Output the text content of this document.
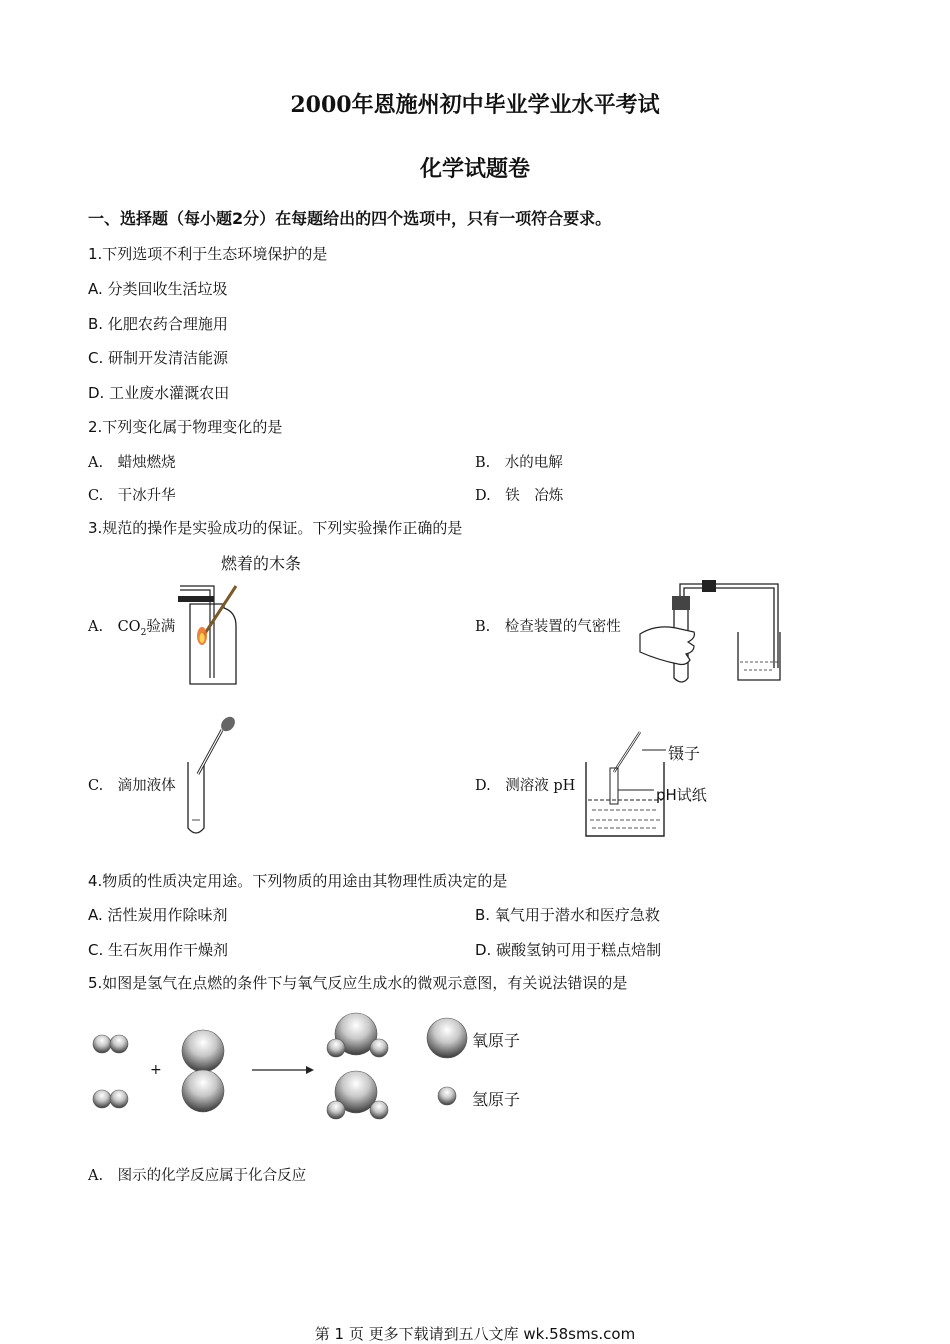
2000年恩施州初中毕业学业水平考试
化学试题卷
一、选择题（每小题2分）在每题给出的四个选项中，只有一项符合要求。
1.下列选项不利于生态环境保护的是
A. 分类回收生活垃圾
B. 化肥农药合理施用
C. 研制开发清洁能源
D. 工业废水灌溉农田
2.下列变化属于物理变化的是
A.　蜡烛燃烧	B.　水的电解
C.　干冰升华	D.　铁　冶炼
3.规范的操作是实验成功的保证。下列实验操作正确的是
燃着的木条
A.　$CO_2$验满	B.　检查装置的气密性
C.　滴加液体	D.　测溶液 pH
镊子
pH试纸
4.物质的性质决定用途。下列物质的用途由其物理性质决定的是
A. 活性炭用作除味剂	B. 氧气用于潜水和医疗急救
C. 生石灰用作干燥剂	D. 碳酸氢钠可用于糕点焙制
5.如图是氢气在点燃的条件下与氧气反应生成水的微观示意图，有关说法错误的是
+
氧原子
氢原子
A.　图示的化学反应属于化合反应
第 1 页 更多下载请到五八文库 wk.58sms.com
